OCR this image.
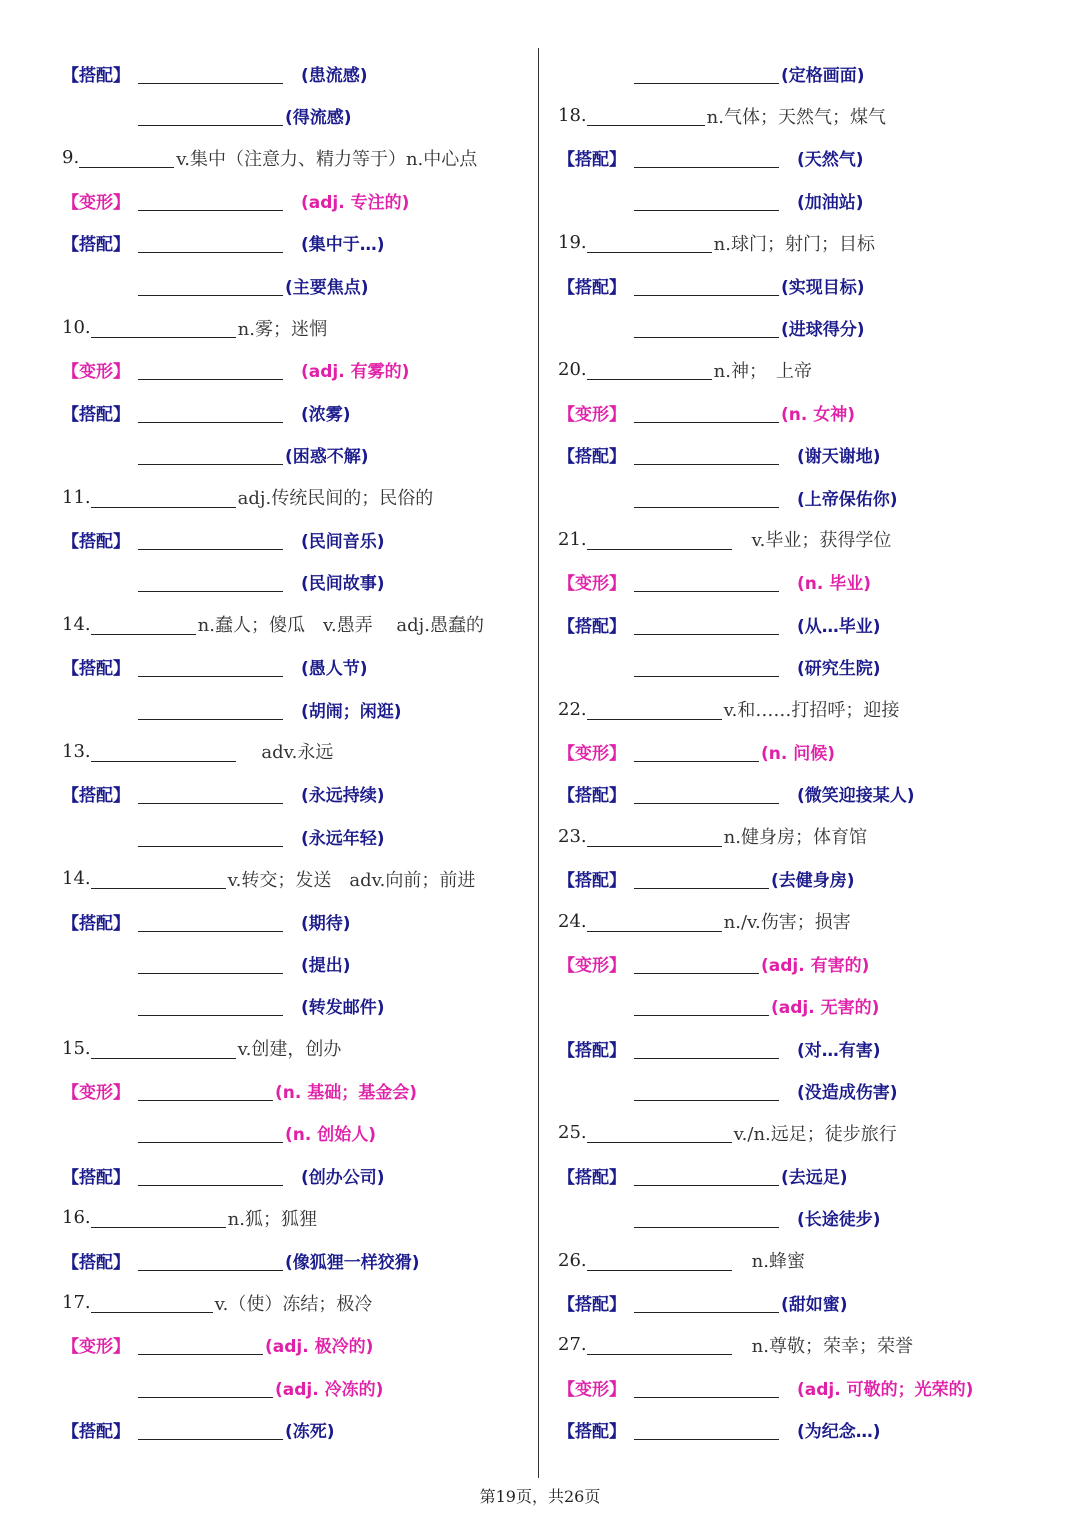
【搭配】	(患流感)
(得流感)
9.	v.集中（注意力、精力等于）n.中心点
【变形】	(adj. 专注的)
【搭配】	(集中于…)
(主要焦点)
10.	n.雾；迷惘
【变形】	(adj. 有雾的)
【搭配】	(浓雾)
(困惑不解)
11.	adj.传统民间的；民俗的
【搭配】	(民间音乐)
(民间故事)
14.	n.蠢人；傻瓜　v.愚弄　 adj.愚蠢的
【搭配】	(愚人节)
(胡闹；闲逛)
13.	　 adv.永远
【搭配】	(永远持续)
(永远年轻)
14.	v.转交；发送　adv.向前；前进
【搭配】	(期待)
(提出)
(转发邮件)
15.	v.创建，创办
【变形】	(n. 基础；基金会)
(n. 创始人)
【搭配】	(创办公司)
16.	n.狐；狐狸
【搭配】	(像狐狸一样狡猾)
17.	v.（使）冻结；极冷
【变形】	(adj. 极冷的)
(adj. 冷冻的)
【搭配】	(冻死)
(定格画面)
18.	n.气体；天然气；煤气
【搭配】	(天然气)
(加油站)
19.	n.球门；射门；目标
【搭配】	(实现目标)
(进球得分)
20.	n.神；　上帝
【变形】	(n. 女神)
【搭配】	(谢天谢地)
(上帝保佑你)
21.	　v.毕业；获得学位
【变形】	(n. 毕业)
【搭配】	(从…毕业)
(研究生院)
22.	v.和……打招呼；迎接
【变形】	(n. 问候)
【搭配】	(微笑迎接某人)
23.	n.健身房；体育馆
【搭配】	(去健身房)
24.	n./v.伤害；损害
【变形】	(adj. 有害的)
(adj. 无害的)
【搭配】	(对…有害)
(没造成伤害)
25.	v./n.远足；徒步旅行
【搭配】	(去远足)
(长途徒步)
26.	　n.蜂蜜
【搭配】	(甜如蜜)
27.	　n.尊敬；荣幸；荣誉
【变形】	(adj. 可敬的；光荣的)
【搭配】	(为纪念…)
第19页，共26页
